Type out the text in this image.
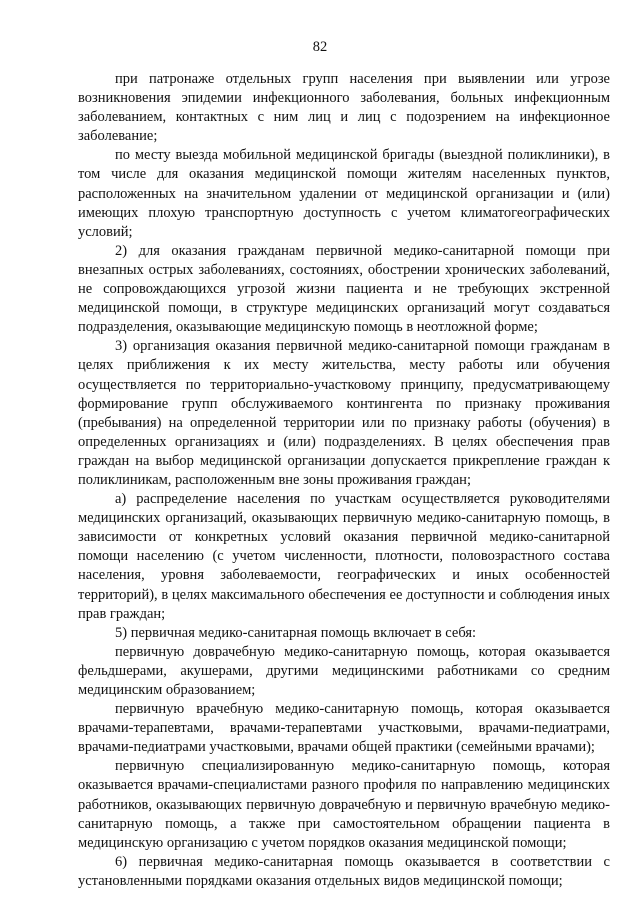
82

при патронаже отдельных групп населения при выявлении или угрозе возникновения эпидемии инфекционного заболевания, больных инфекционным заболеванием, контактных с ним лиц и лиц с подозрением на инфекционное заболевание;

по месту выезда мобильной медицинской бригады (выездной поликлиники), в том числе для оказания медицинской помощи жителям населенных пунктов, расположенных на значительном удалении от медицинской организации и (или) имеющих плохую транспортную доступность с учетом климатогеографических условий;

2) для оказания гражданам первичной медико-санитарной помощи при внезапных острых заболеваниях, состояниях, обострении хронических заболеваний, не сопровождающихся угрозой жизни пациента и не требующих экстренной медицинской помощи, в структуре медицинских организаций могут создаваться подразделения, оказывающие медицинскую помощь в неотложной форме;

3) организация оказания первичной медико-санитарной помощи гражданам в целях приближения к их месту жительства, месту работы или обучения осуществляется по территориально-участковому принципу, предусматривающему формирование групп обслуживаемого контингента по признаку проживания (пребывания) на определенной территории или по признаку работы (обучения) в определенных организациях и (или) подразделениях. В целях обеспечения прав граждан на выбор медицинской организации допускается прикрепление граждан к поликлиникам, расположенным вне зоны проживания граждан;

а) распределение населения по участкам осуществляется руководителями медицинских организаций, оказывающих первичную медико-санитарную помощь, в зависимости от конкретных условий оказания первичной медико-санитарной помощи населению (с учетом численности, плотности, половозрастного состава населения, уровня заболеваемости, географических и иных особенностей территорий), в целях максимального обеспечения ее доступности и соблюдения иных прав граждан;

5) первичная медико-санитарная помощь включает в себя:

первичную доврачебную медико-санитарную помощь, которая оказывается фельдшерами, акушерами, другими медицинскими работниками со средним медицинским образованием;

первичную врачебную медико-санитарную помощь, которая оказывается врачами-терапевтами, врачами-терапевтами участковыми, врачами-педиатрами, врачами-педиатрами участковыми, врачами общей практики (семейными врачами);

первичную специализированную медико-санитарную помощь, которая оказывается врачами-специалистами разного профиля по направлению медицинских работников, оказывающих первичную доврачебную и первичную врачебную медико-санитарную помощь, а также при самостоятельном обращении пациента в медицинскую организацию с учетом порядков оказания медицинской помощи;

6) первичная медико-санитарная помощь оказывается в соответствии с установленными порядками оказания отдельных видов медицинской помощи;
